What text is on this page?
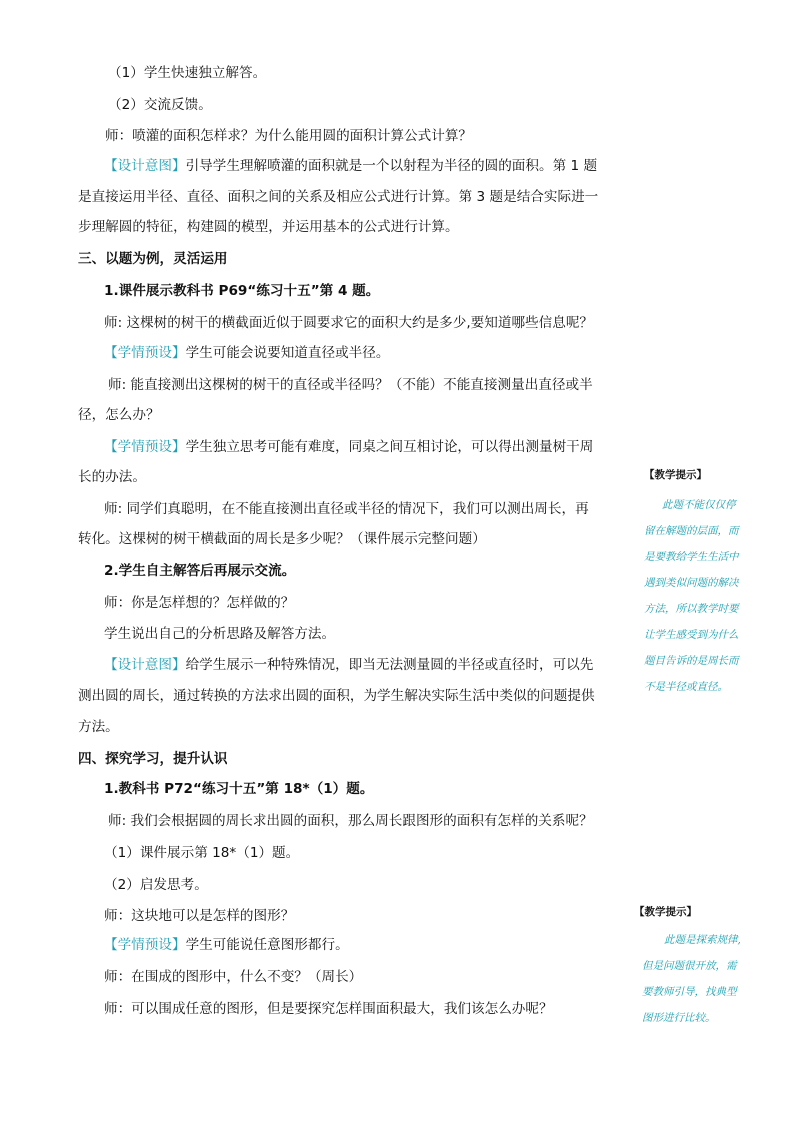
（1）学生快速独立解答。
（2）交流反馈。
师：喷灌的面积怎样求？为什么能用圆的面积计算公式计算？
【设计意图】引导学生理解喷灌的面积就是一个以射程为半径的圆的面积。第 1 题
是直接运用半径、直径、面积之间的关系及相应公式进行计算。第 3 题是结合实际进一
步理解圆的特征，构建圆的模型，并运用基本的公式进行计算。
三、以题为例，灵活运用
1.课件展示教科书 P69“练习十五”第 4 题。
师: 这棵树的树干的横截面近似于圆要求它的面积大约是多少,要知道哪些信息呢？
【学情预设】学生可能会说要知道直径或半径。
师: 能直接测出这棵树的树干的直径或半径吗？（不能）不能直接测量出直径或半
径，怎么办？
【学情预设】学生独立思考可能有难度，同桌之间互相讨论，可以得出测量树干周
长的办法。
师: 同学们真聪明，在不能直接测出直径或半径的情况下，我们可以测出周长，再
转化。这棵树的树干横截面的周长是多少呢？（课件展示完整问题）
2.学生自主解答后再展示交流。
师：你是怎样想的？怎样做的？
学生说出自己的分析思路及解答方法。
【设计意图】给学生展示一种特殊情况，即当无法测量圆的半径或直径时，可以先
测出圆的周长，通过转换的方法求出圆的面积，为学生解决实际生活中类似的问题提供
方法。
四、探究学习，提升认识
1.教科书 P72“练习十五”第 18*（1）题。
师: 我们会根据圆的周长求出圆的面积，那么周长跟图形的面积有怎样的关系呢？
（1）课件展示第 18*（1）题。
（2）启发思考。
师：这块地可以是怎样的图形？
【学情预设】学生可能说任意图形都行。
师：在围成的图形中，什么不变？（周长）
师：可以围成任意的图形，但是要探究怎样围面积最大，我们该怎么办呢？
【教学提示】
此题不能仅仅停
留在解题的层面，而
是要教给学生生活中
遇到类似问题的解决
方法，所以教学时要
让学生感受到为什么
题目告诉的是周长而
不是半径或直径。
【教学提示】
此题是探索规律,
但是问题很开放，需
要教师引导，找典型
图形进行比较。
